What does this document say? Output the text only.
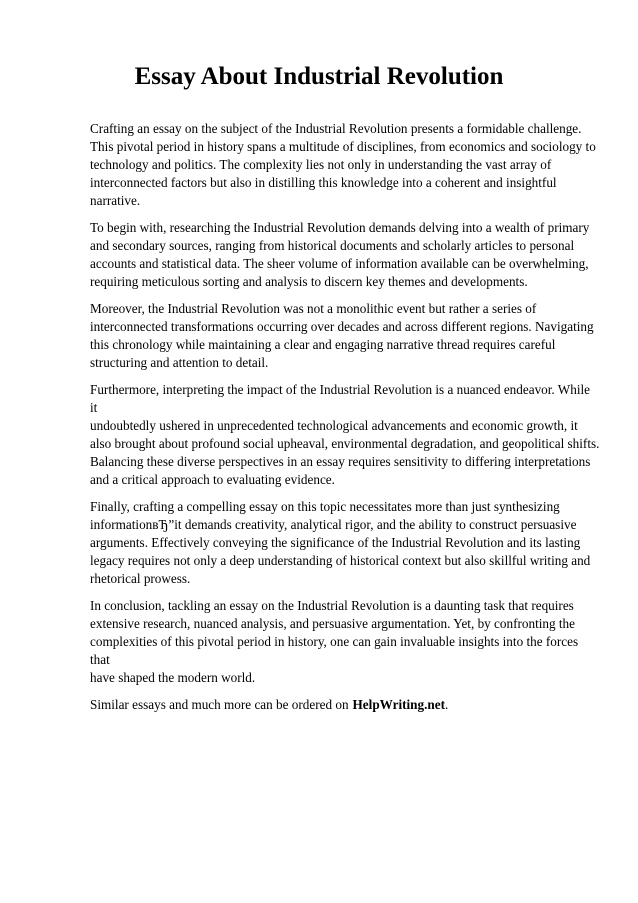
Essay About Industrial Revolution

Crafting an essay on the subject of the Industrial Revolution presents a formidable challenge.
This pivotal period in history spans a multitude of disciplines, from economics and sociology to
technology and politics. The complexity lies not only in understanding the vast array of
interconnected factors but also in distilling this knowledge into a coherent and insightful
narrative.

To begin with, researching the Industrial Revolution demands delving into a wealth of primary
and secondary sources, ranging from historical documents and scholarly articles to personal
accounts and statistical data. The sheer volume of information available can be overwhelming,
requiring meticulous sorting and analysis to discern key themes and developments.

Moreover, the Industrial Revolution was not a monolithic event but rather a series of
interconnected transformations occurring over decades and across different regions. Navigating
this chronology while maintaining a clear and engaging narrative thread requires careful
structuring and attention to detail.

Furthermore, interpreting the impact of the Industrial Revolution is a nuanced endeavor. While it
undoubtedly ushered in unprecedented technological advancements and economic growth, it
also brought about profound social upheaval, environmental degradation, and geopolitical shifts.
Balancing these diverse perspectives in an essay requires sensitivity to differing interpretations
and a critical approach to evaluating evidence.

Finally, crafting a compelling essay on this topic necessitates more than just synthesizing
informationвЂ”it demands creativity, analytical rigor, and the ability to construct persuasive
arguments. Effectively conveying the significance of the Industrial Revolution and its lasting
legacy requires not only a deep understanding of historical context but also skillful writing and
rhetorical prowess.

In conclusion, tackling an essay on the Industrial Revolution is a daunting task that requires
extensive research, nuanced analysis, and persuasive argumentation. Yet, by confronting the
complexities of this pivotal period in history, one can gain invaluable insights into the forces that
have shaped the modern world.

Similar essays and much more can be ordered on HelpWriting.net.
